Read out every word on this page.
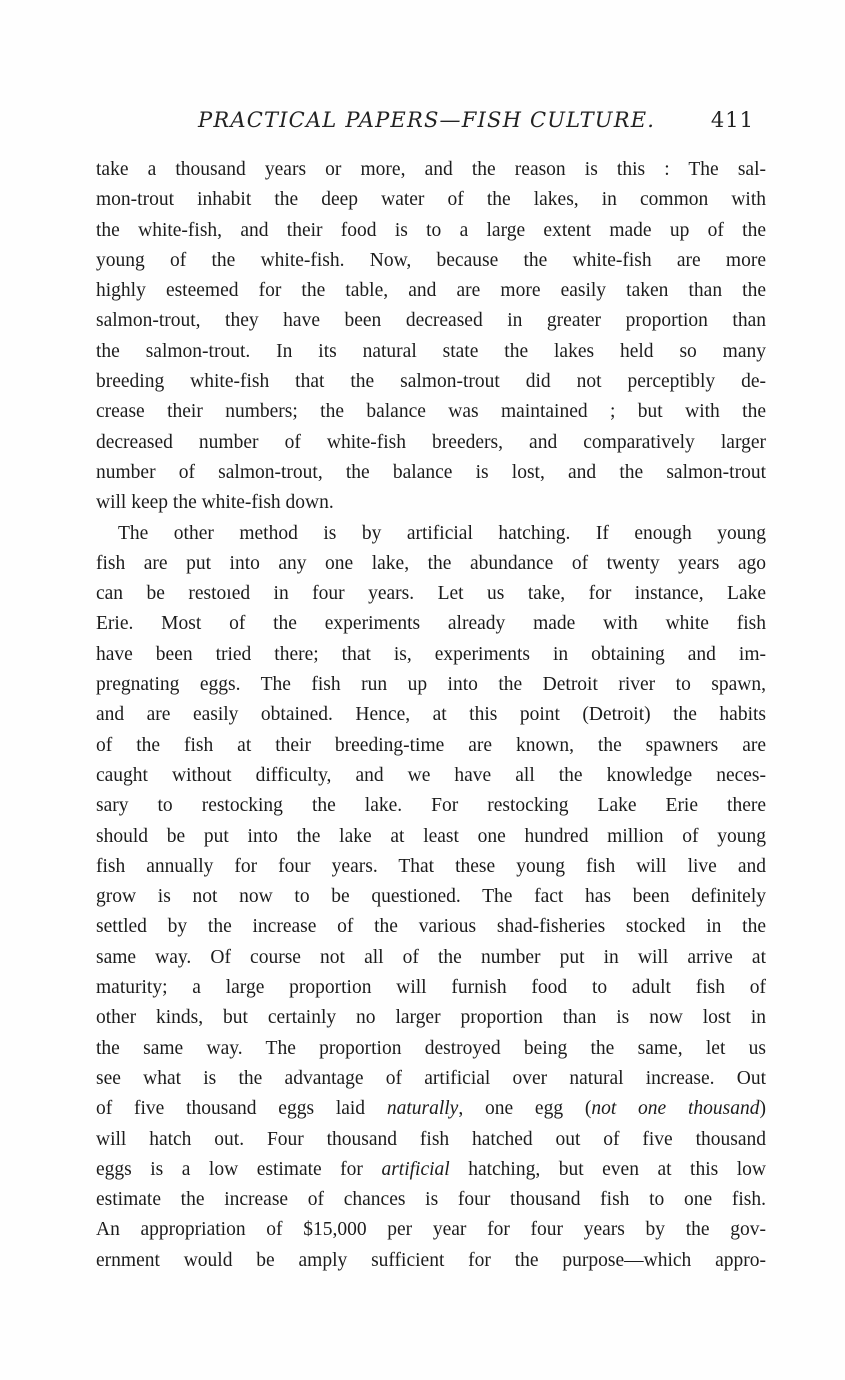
PRACTICAL PAPERS—FISH CULTURE.	411
take a thousand years or more, and the reason is this : The sal-
mon-trout inhabit the deep water of the lakes, in common with
the white-fish, and their food is to a large extent made up of the
young of the white-fish. Now, because the white-fish are more
highly esteemed for the table, and are more easily taken than the
salmon-trout, they have been decreased in greater proportion than
the salmon-trout. In its natural state the lakes held so many
breeding white-fish that the salmon-trout did not perceptibly de-
crease their numbers; the balance was maintained ; but with the
decreased number of white-fish breeders, and comparatively larger
number of salmon-trout, the balance is lost, and the salmon-trout
will keep the white-fish down.
The other method is by artificial hatching. If enough young
fish are put into any one lake, the abundance of twenty years ago
can be restoıed in four years. Let us take, for instance, Lake
Erie. Most of the experiments already made with white fish
have been tried there; that is, experiments in obtaining and im-
pregnating eggs. The fish run up into the Detroit river to spawn,
and are easily obtained. Hence, at this point (Detroit) the habits
of the fish at their breeding-time are known, the spawners are
caught without difficulty, and we have all the knowledge neces-
sary to restocking the lake. For restocking Lake Erie there
should be put into the lake at least one hundred million of young
fish annually for four years. That these young fish will live and
grow is not now to be questioned. The fact has been definitely
settled by the increase of the various shad-fisheries stocked in the
same way. Of course not all of the number put in will arrive at
maturity; a large proportion will furnish food to adult fish of
other kinds, but certainly no larger proportion than is now lost in
the same way. The proportion destroyed being the same, let us
see what is the advantage of artificial over natural increase. Out
of five thousand eggs laid naturally, one egg (not one thousand)
will hatch out. Four thousand fish hatched out of five thousand
eggs is a low estimate for artificial hatching, but even at this low
estimate the increase of chances is four thousand fish to one fish.
An appropriation of $15,000 per year for four years by the gov-
ernment would be amply sufficient for the purpose—which appro-
